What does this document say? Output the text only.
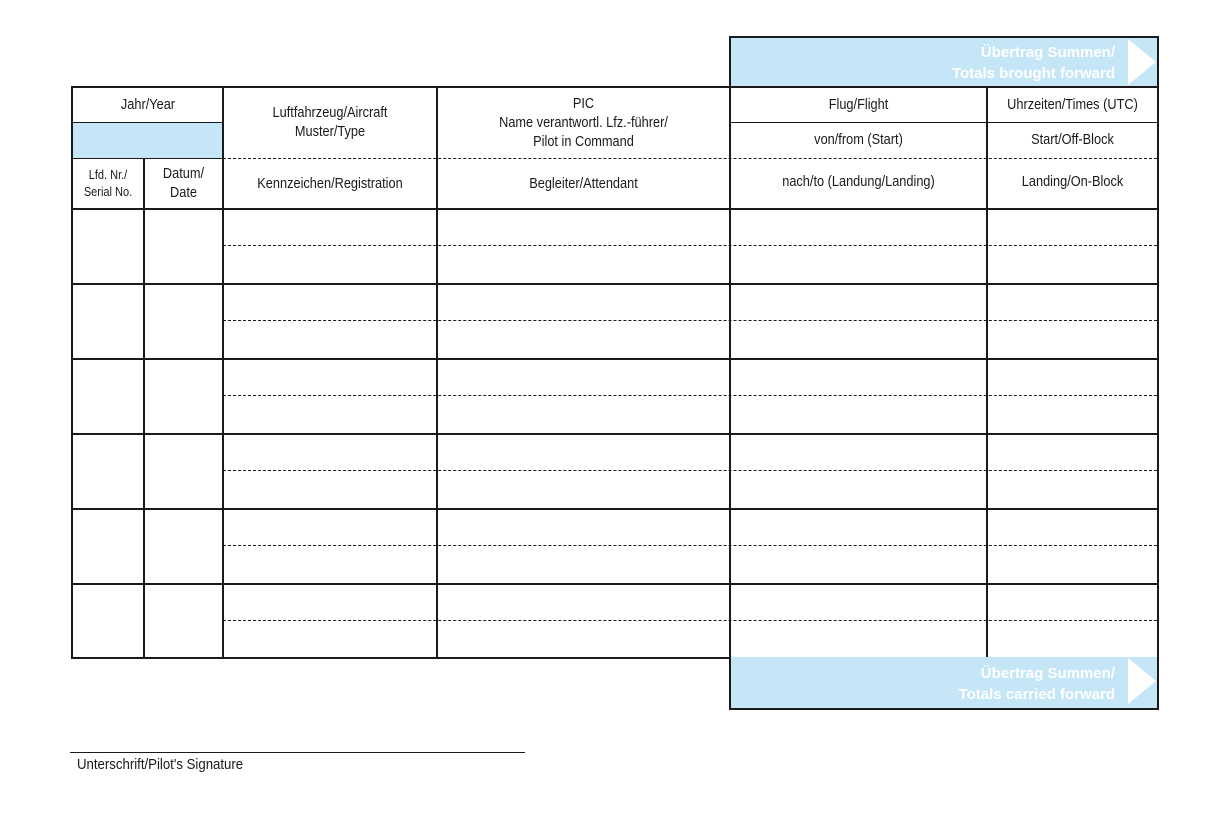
Übertrag Summen/
Totals brought forward
Jahr/Year
Lfd. Nr./
Serial No.
Datum/
Date
Luftfahrzeug/Aircraft
Muster/Type
Kennzeichen/Registration
PIC
Name verantwortl. Lfz.-führer/
Pilot in Command
Begleiter/Attendant
Flug/Flight
von/from (Start)
nach/to (Landung/Landing)
Uhrzeiten/Times (UTC)
Start/Off-Block
Landing/On-Block
Übertrag Summen/
Totals carried forward
Unterschrift/Pilot's Signature
